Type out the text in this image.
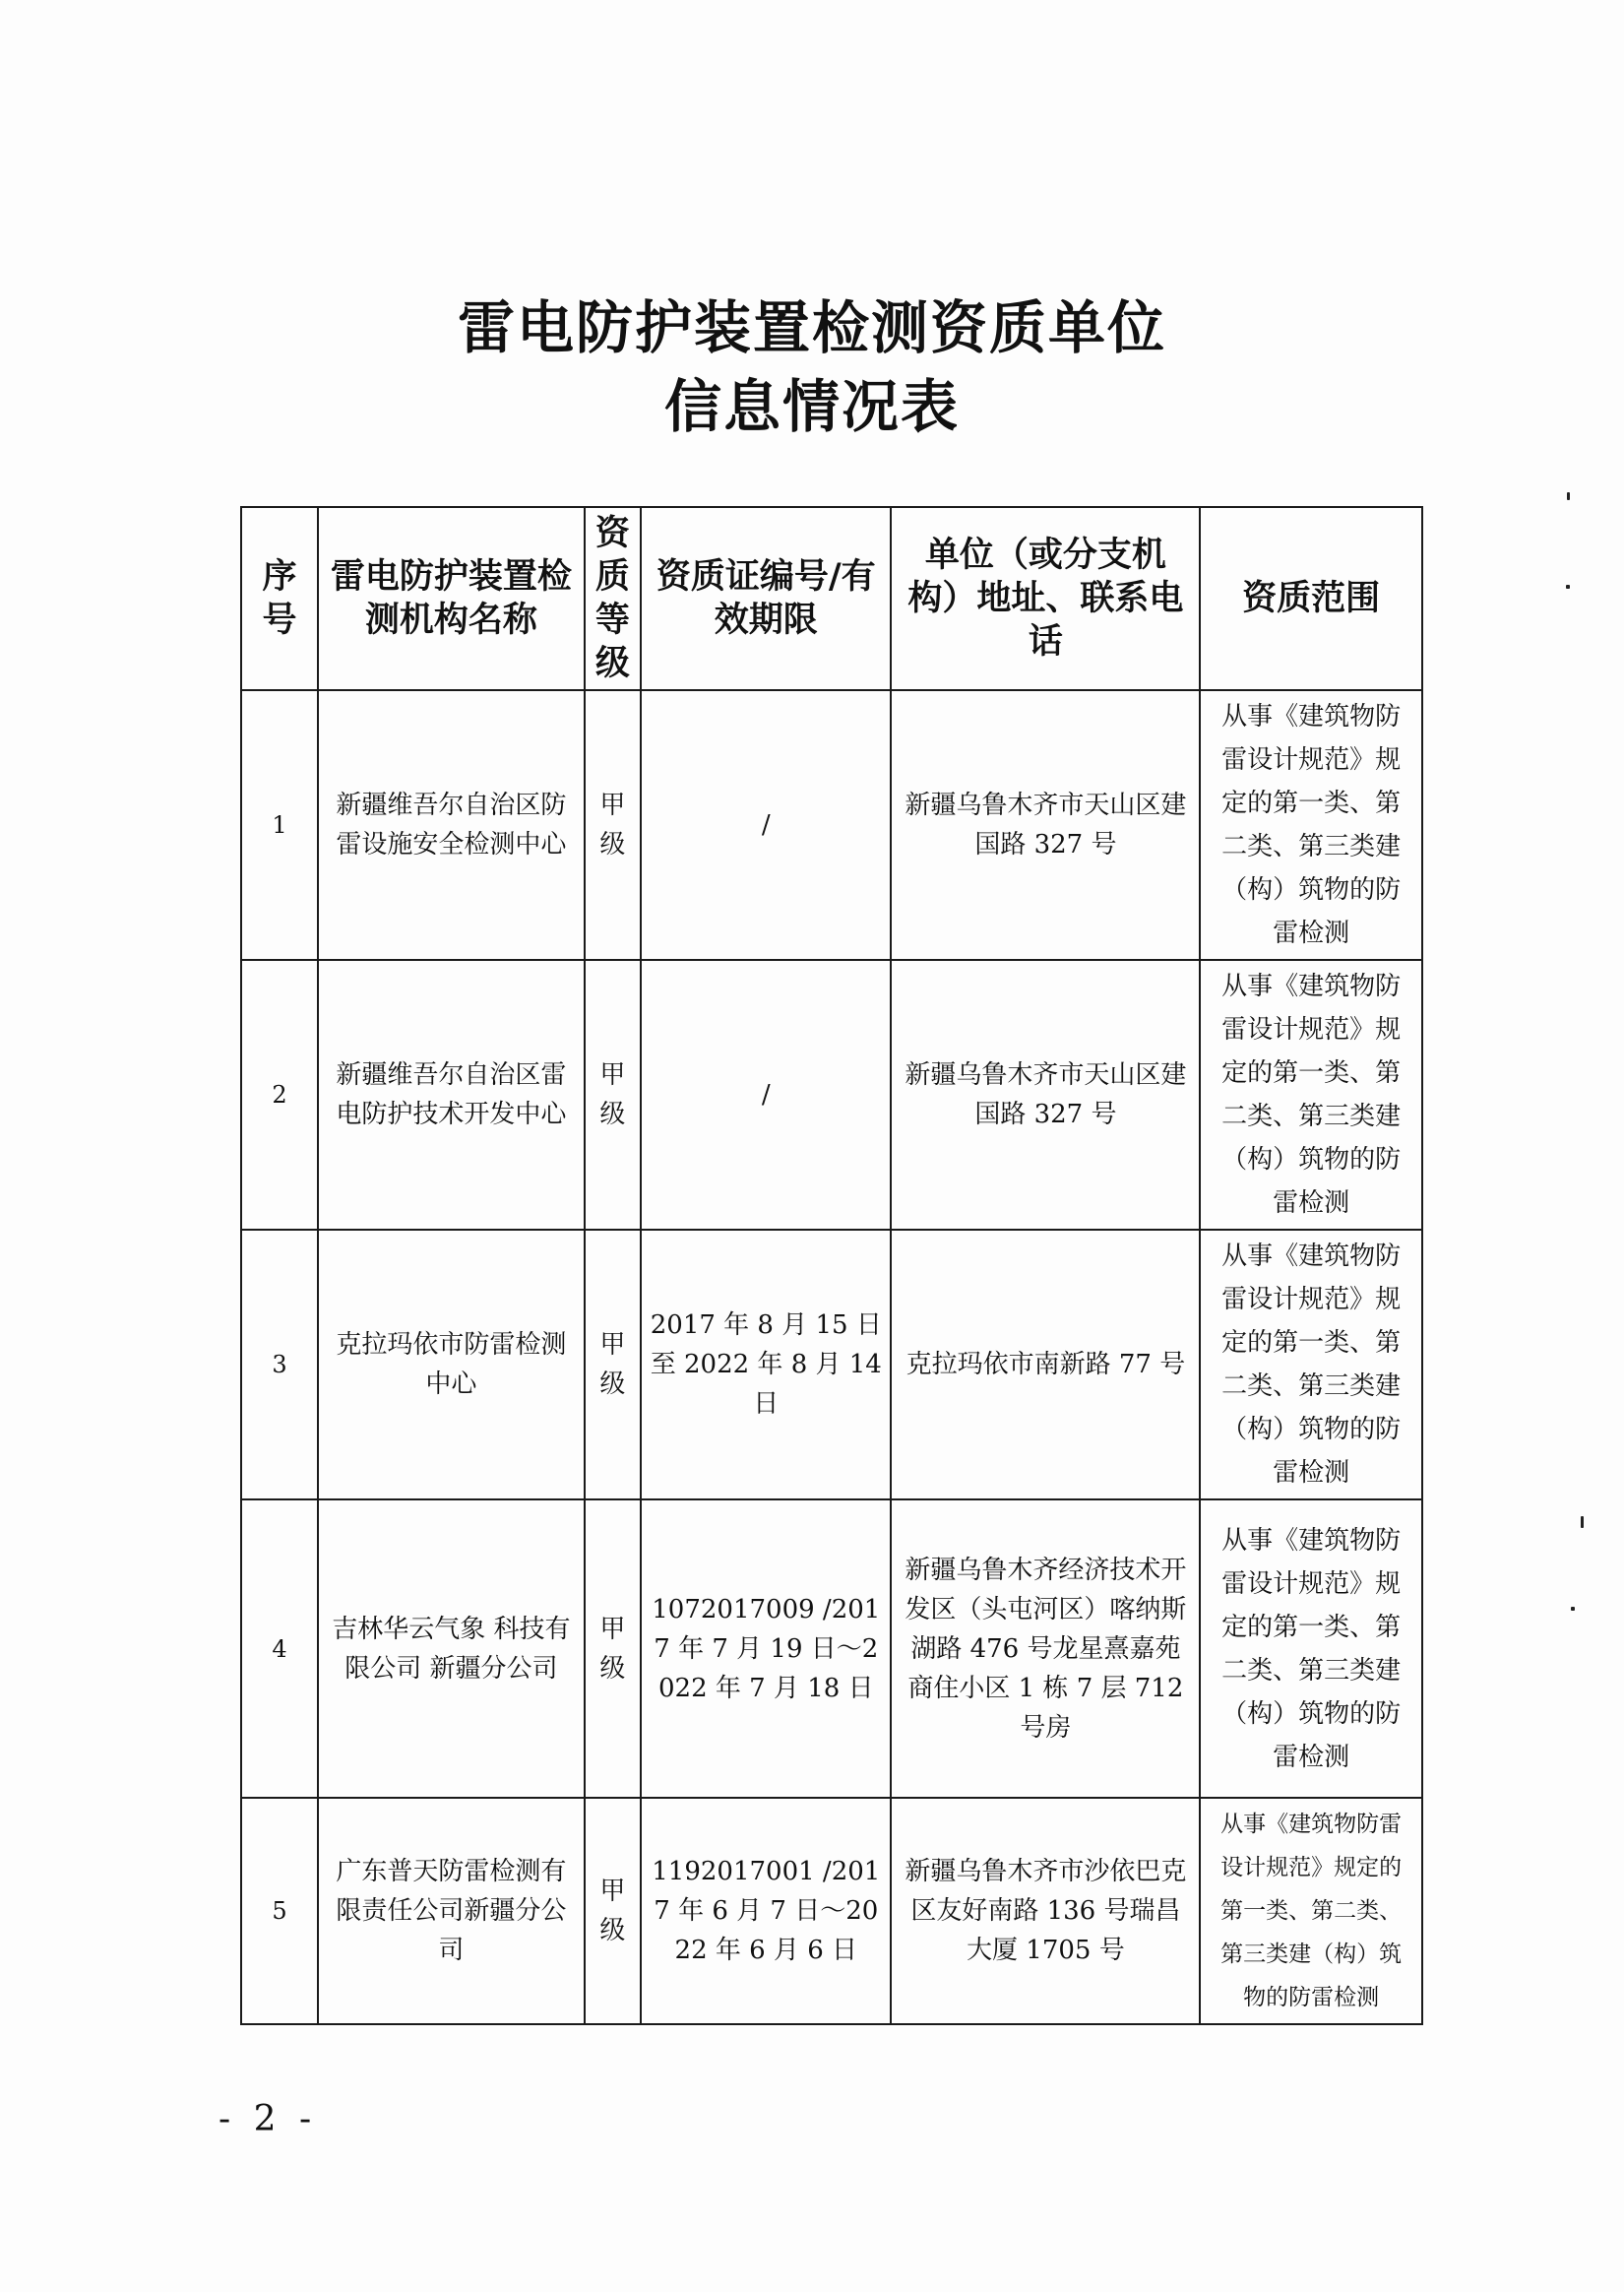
雷电防护装置检测资质单位
信息情况表
序号	雷电防护装置检测机构名称	资质等级	资质证编号/有效期限	单位（或分支机构）地址、联系电话	资质范围
1	新疆维吾尔自治区防雷设施安全检测中心	甲级	/	新疆乌鲁木齐市天山区建国路 327 号	从事《建筑物防雷设计规范》规定的第一类、第二类、第三类建（构）筑物的防雷检测
2	新疆维吾尔自治区雷电防护技术开发中心	甲级	/	新疆乌鲁木齐市天山区建国路 327 号	从事《建筑物防雷设计规范》规定的第一类、第二类、第三类建（构）筑物的防雷检测
3	克拉玛依市防雷检测中心	甲级	2017 年 8 月 15 日至 2022 年 8 月 14 日	克拉玛依市南新路 77 号	从事《建筑物防雷设计规范》规定的第一类、第二类、第三类建（构）筑物的防雷检测
4	吉林华云气象 科技有限公司 新疆分公司	甲级	1072017009 /2017 年 7 月 19 日～2022 年 7 月 18 日	新疆乌鲁木齐经济技术开发区（头屯河区）喀纳斯湖路 476 号龙星熹嘉苑商住小区 1 栋 7 层 712 号房	从事《建筑物防雷设计规范》规定的第一类、第二类、第三类建（构）筑物的防雷检测
5	广东普天防雷检测有限责任公司新疆分公司	甲级	1192017001 /2017 年 6 月 7 日～2022 年 6 月 6 日	新疆乌鲁木齐市沙依巴克区友好南路 136 号瑞昌大厦 1705 号	从事《建筑物防雷设计规范》规定的第一类、第二类、第三类建（构）筑物的防雷检测
- 2 -
